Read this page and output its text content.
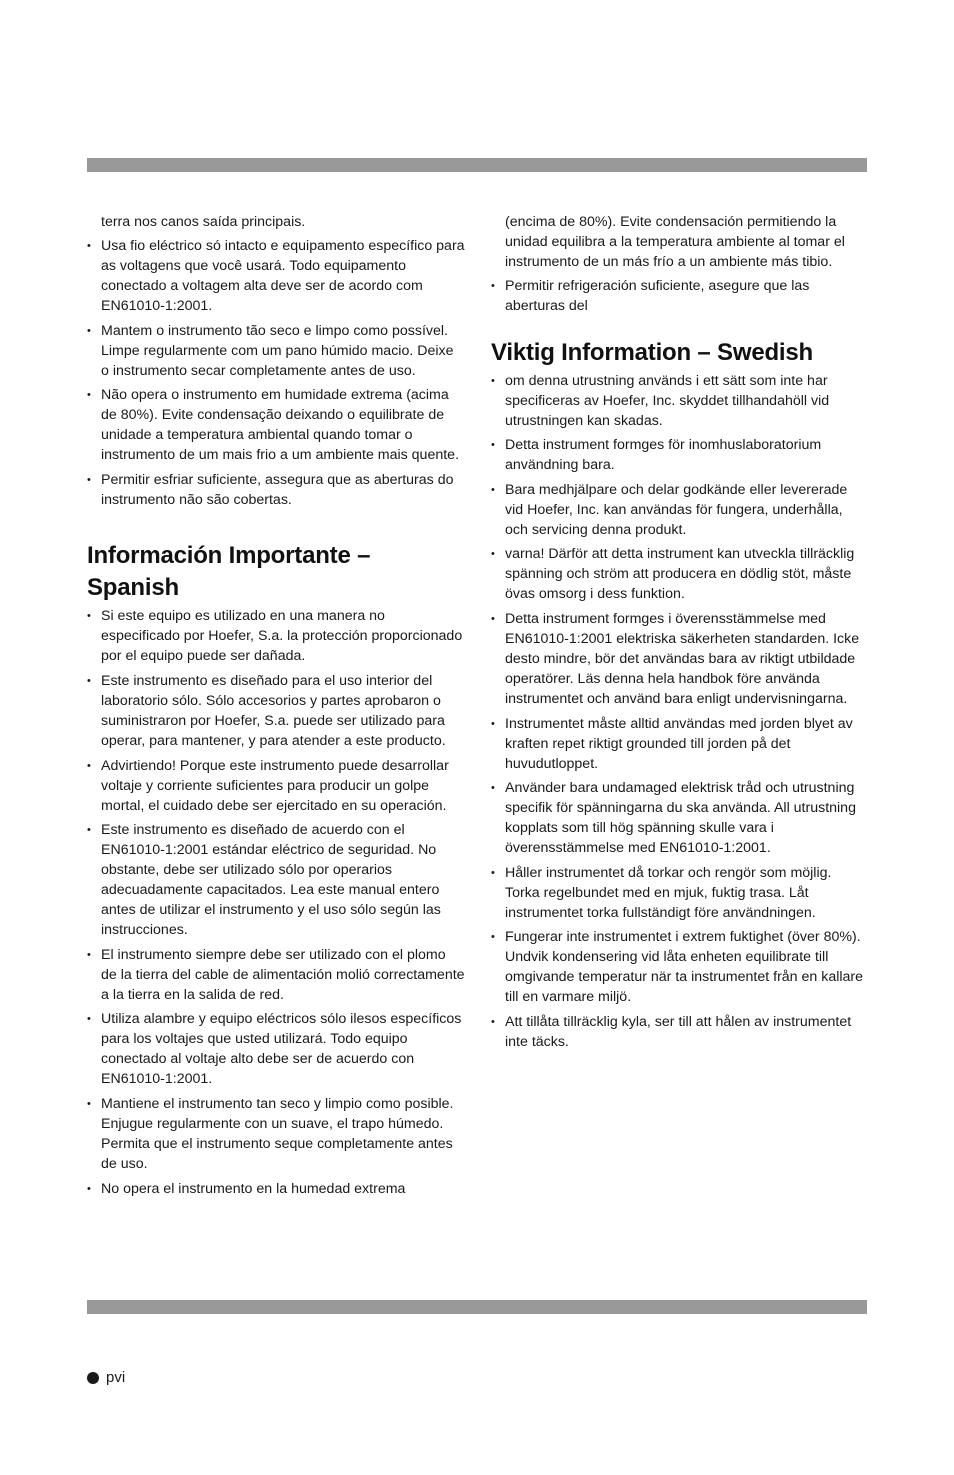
terra nos canos saída principais.

• Usa fio eléctrico só intacto e equipamento específico para as voltagens que você usará. Todo equipamento conectado a voltagem alta deve ser de acordo com EN61010-1:2001.
• Mantem o instrumento tão seco e limpo como possível. Limpe regularmente com um pano húmido macio. Deixe o instrumento secar completamente antes de uso.
• Não opera o instrumento em humidade extrema (acima de 80%). Evite condensação deixando o equilibrate de unidade a temperatura ambiental quando tomar o instrumento de um mais frio a um ambiente mais quente.
• Permitir esfriar suficiente, assegura que as aberturas do instrumento não são cobertas.
Información Importante – Spanish
• Si este equipo es utilizado en una manera no especificado por Hoefer, S.a. la protección proporcionado por el equipo puede ser dañada.
• Este instrumento es diseñado para el uso interior del laboratorio sólo. Sólo accesorios y partes aprobaron o suministraron por Hoefer, S.a. puede ser utilizado para operar, para mantener, y para atender a este producto.
• Advirtiendo! Porque este instrumento puede desarrollar voltaje y corriente suficientes para producir un golpe mortal, el cuidado debe ser ejercitado en su operación.
• Este instrumento es diseñado de acuerdo con el EN61010-1:2001 estándar eléctrico de seguridad. No obstante, debe ser utilizado sólo por operarios adecuadamente capacitados. Lea este manual entero antes de utilizar el instrumento y el uso sólo según las instrucciones.
• El instrumento siempre debe ser utilizado con el plomo de la tierra del cable de alimentación molió correctamente a la tierra en la salida de red.
• Utiliza alambre y equipo eléctricos sólo ilesos específicos para los voltajes que usted utilizará. Todo equipo conectado al voltaje alto debe ser de acuerdo con EN61010-1:2001.
• Mantiene el instrumento tan seco y limpio como posible. Enjugue regularmente con un suave, el trapo húmedo. Permita que el instrumento seque completamente antes de uso.
• No opera el instrumento en la humedad extrema

(encima de 80%). Evite condensación permitiendo la unidad equilibra a la temperatura ambiente al tomar el instrumento de un más frío a un ambiente más tibio.

• Permitir refrigeración suficiente, asegure que las aberturas del
Viktig Information – Swedish
• om denna utrustning används i ett sätt som inte har specificeras av Hoefer, Inc. skyddet tillhandahöll vid utrustningen kan skadas.
• Detta instrument formges för inomhuslaboratorium användning bara.
• Bara medhjälpare och delar godkände eller levererade vid Hoefer, Inc. kan användas för fungera, underhålla, och servicing denna produkt.
• varna! Därför att detta instrument kan utveckla tillräcklig spänning och ström att producera en dödlig stöt, måste övas omsorg i dess funktion.
• Detta instrument formges i överensstämmelse med EN61010-1:2001 elektriska säkerheten standarden. Icke desto mindre, bör det användas bara av riktigt utbildade operatörer. Läs denna hela handbok före använda instrumentet och använd bara enligt undervisningarna.
• Instrumentet måste alltid användas med jorden blyet av kraften repet riktigt grounded till jorden på det huvudutloppet.
• Använder bara undamaged elektrisk tråd och utrustning specifik för spänningarna du ska använda. All utrustning kopplats som till hög spänning skulle vara i överensstämmelse med EN61010-1:2001.
• Håller instrumentet då torkar och rengör som möjlig. Torka regelbundet med en mjuk, fuktig trasa. Låt instrumentet torka fullständigt före användningen.
• Fungerar inte instrumentet i extrem fuktighet (över 80%). Undvik kondensering vid låta enheten equilibrate till omgivande temperatur när ta instrumentet från en kallare till en varmare miljö.
• Att tillåta tillräcklig kyla, ser till att hålen av instrumentet inte täcks.
pvi
